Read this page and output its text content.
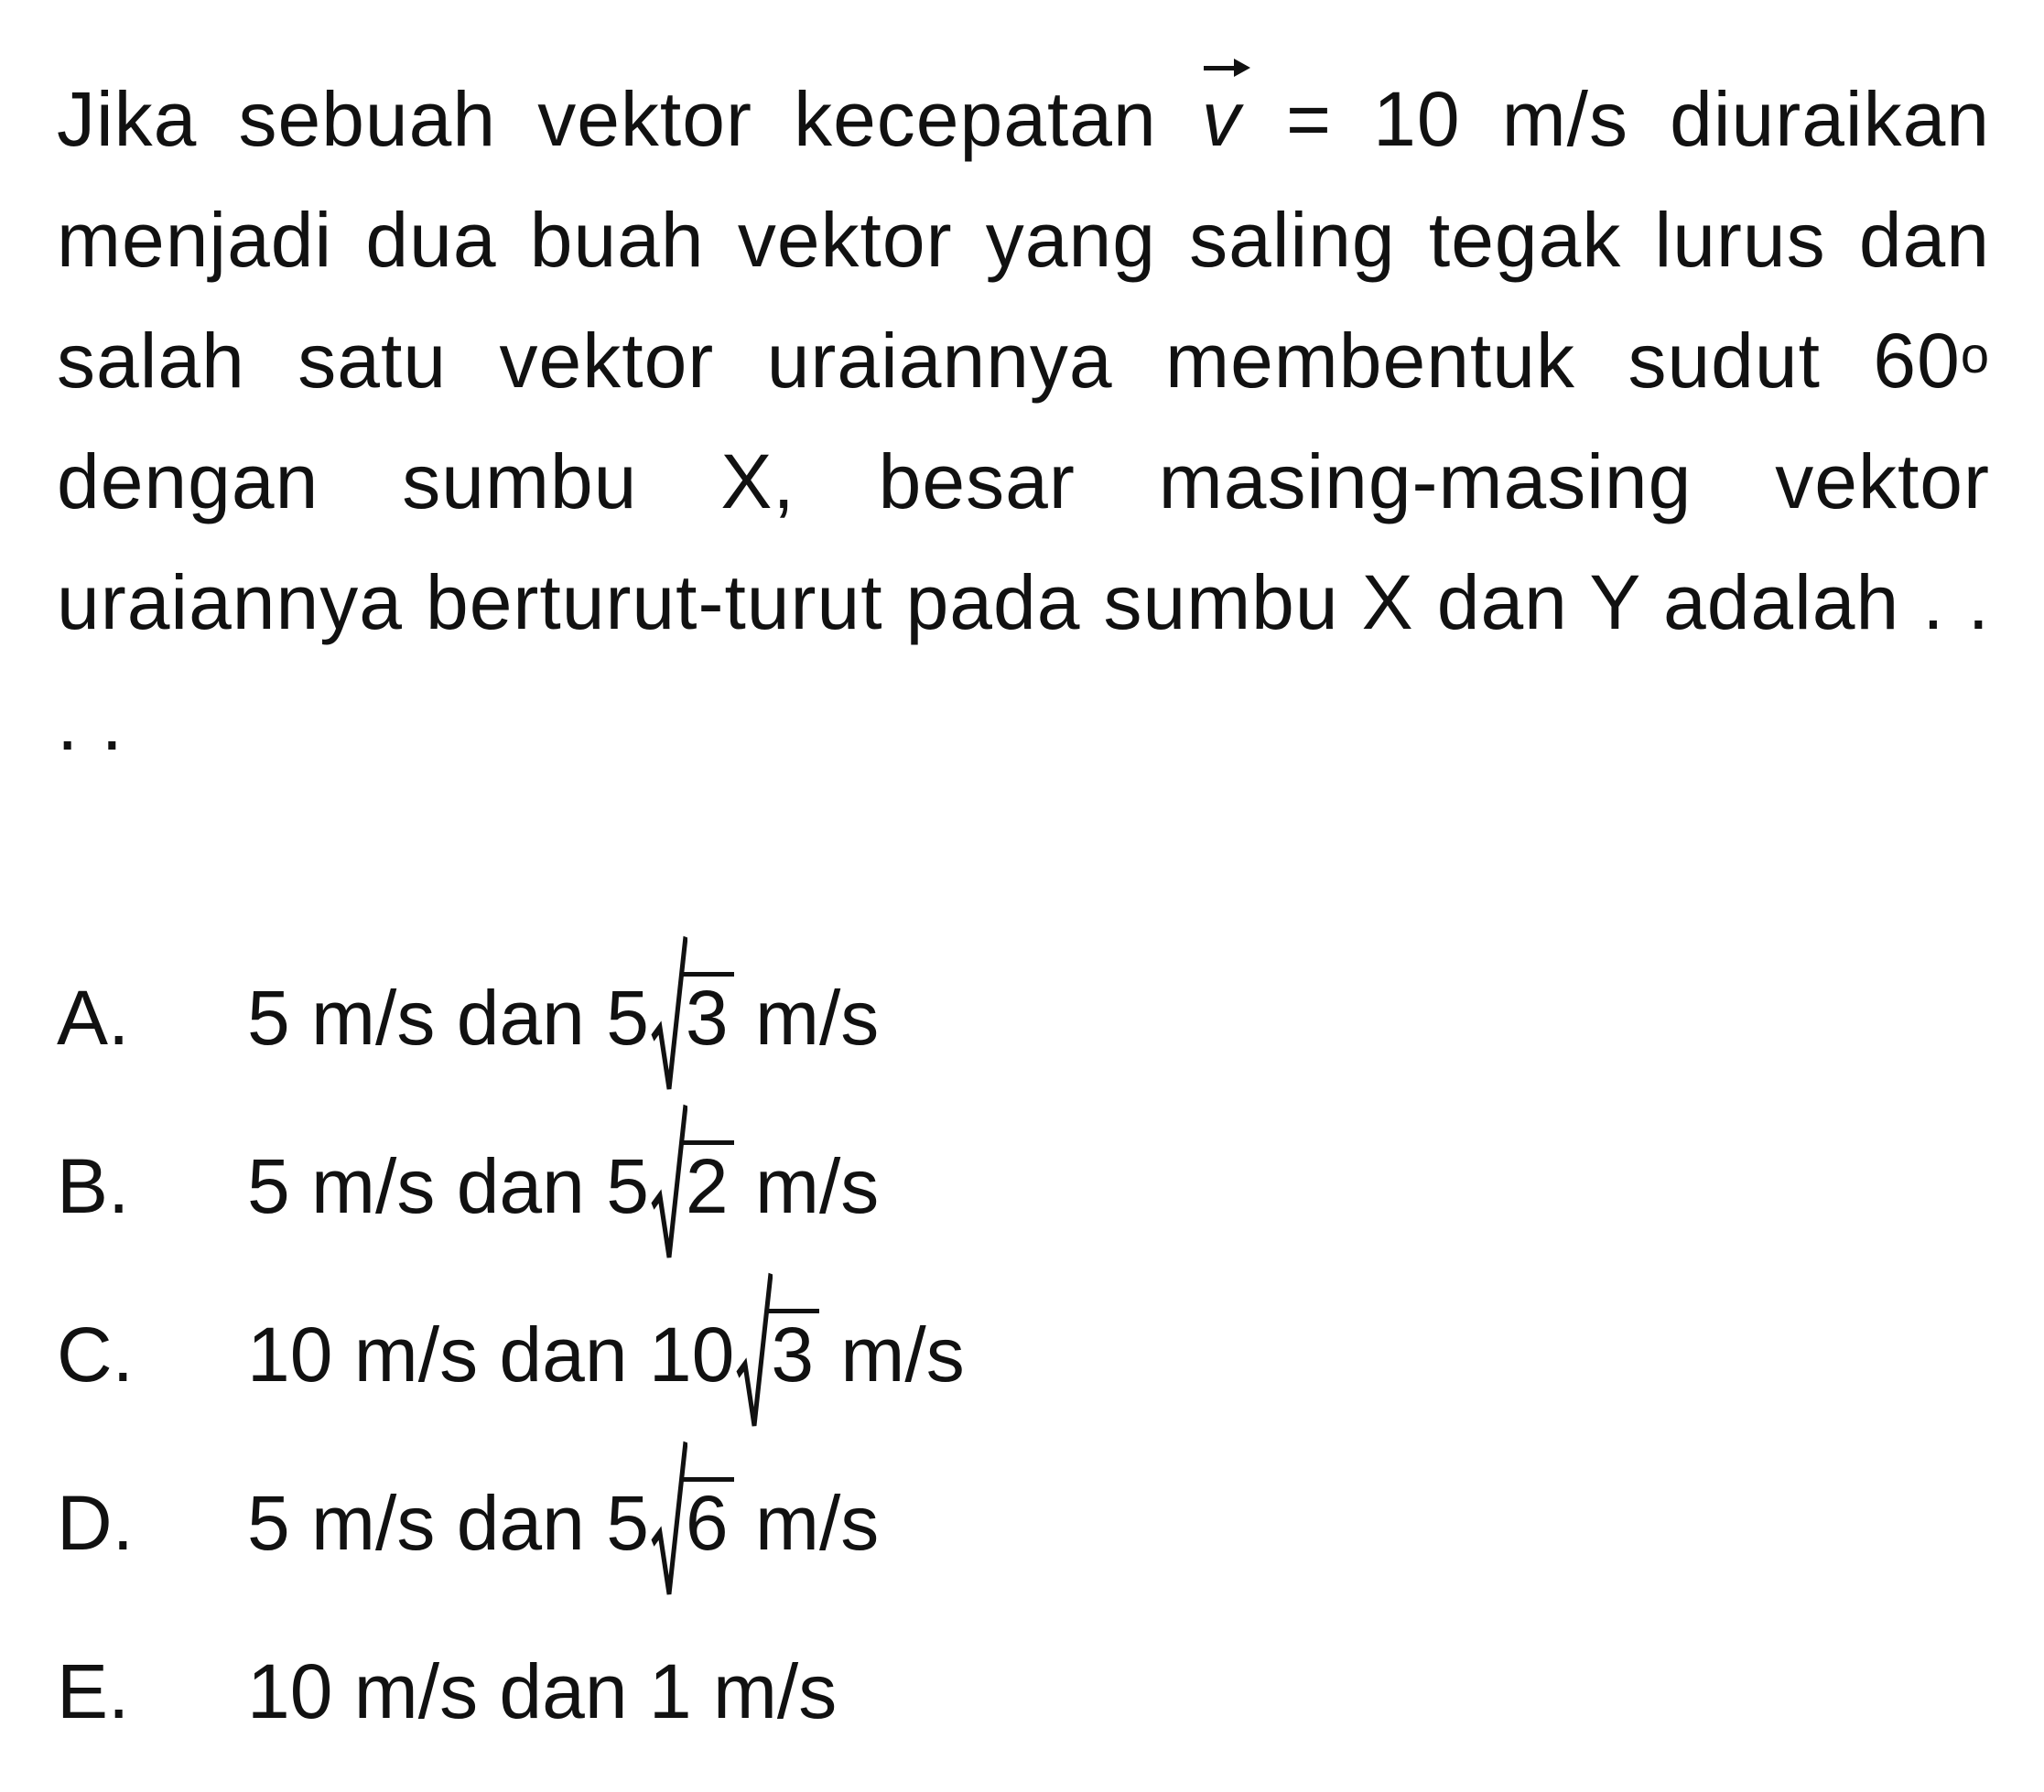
Jika sebuah vektor kecepatan v = 10 m/s diuraikan menjadi dua buah vektor yang saling tegak lurus dan salah satu vektor uraiannya membentuk sudut 60$^o$ dengan sumbu X, besar masing-masing vektor uraiannya berturut-turut pada sumbu X dan Y adalah . . . .
A.	5 m/s dan 5 3 m/s
B.	5 m/s dan 5 2 m/s
C.	10 m/s dan 10 3 m/s
D.	5 m/s dan 5 6 m/s
E.	10 m/s dan 1 m/s
